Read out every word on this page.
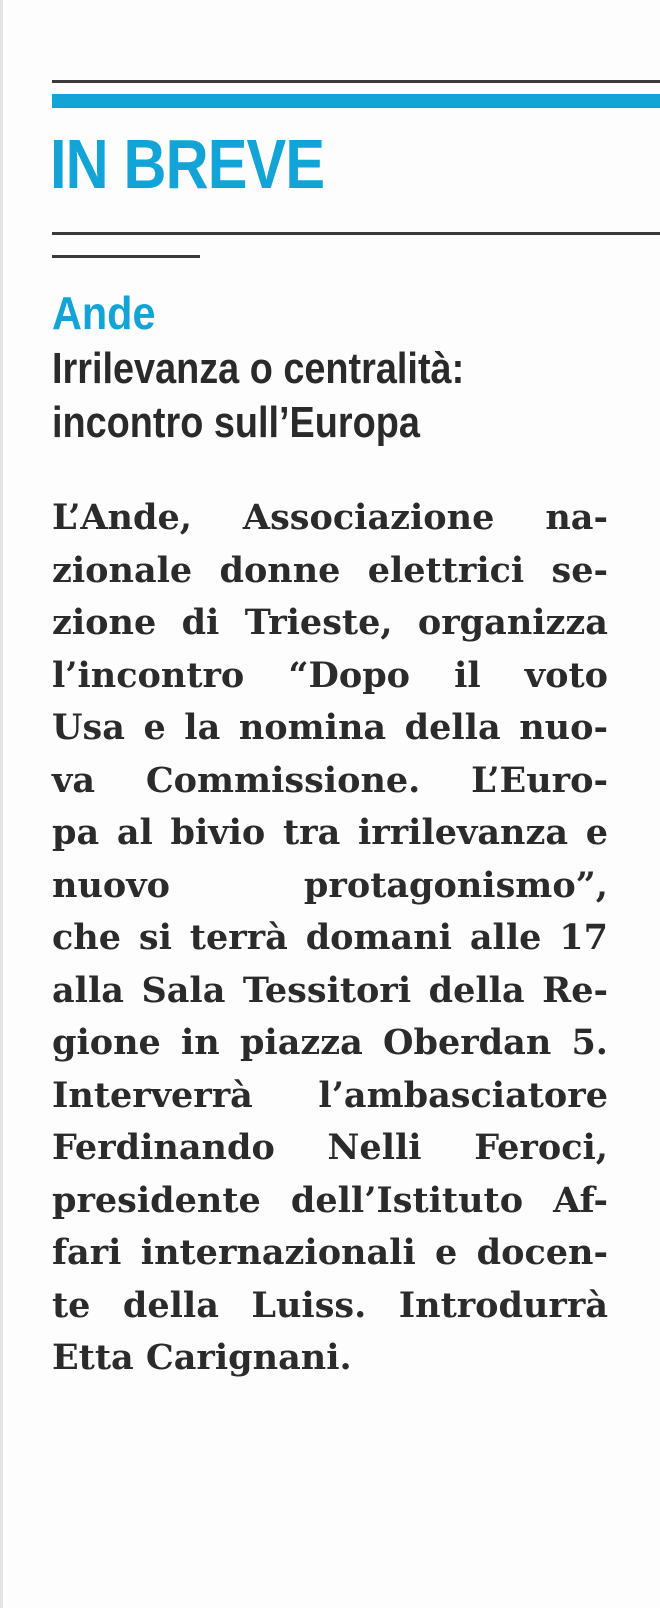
IN BREVE
Ande
Irrilevanza o centralità:
incontro sull’Europa
L’Ande, Associazione na-
zionale donne elettrici se-
zione di Trieste, organizza
l’incontro “Dopo il voto
Usa e la nomina della nuo-
va Commissione. L’Euro-
pa al bivio tra irrilevanza e
nuovo protagonismo”,
che si terrà domani alle 17
alla Sala Tessitori della Re-
gione in piazza Oberdan 5.
Interverrà l’ambasciatore
Ferdinando Nelli Feroci,
presidente dell’Istituto Af-
fari internazionali e docen-
te della Luiss. Introdurrà
Etta Carignani.
